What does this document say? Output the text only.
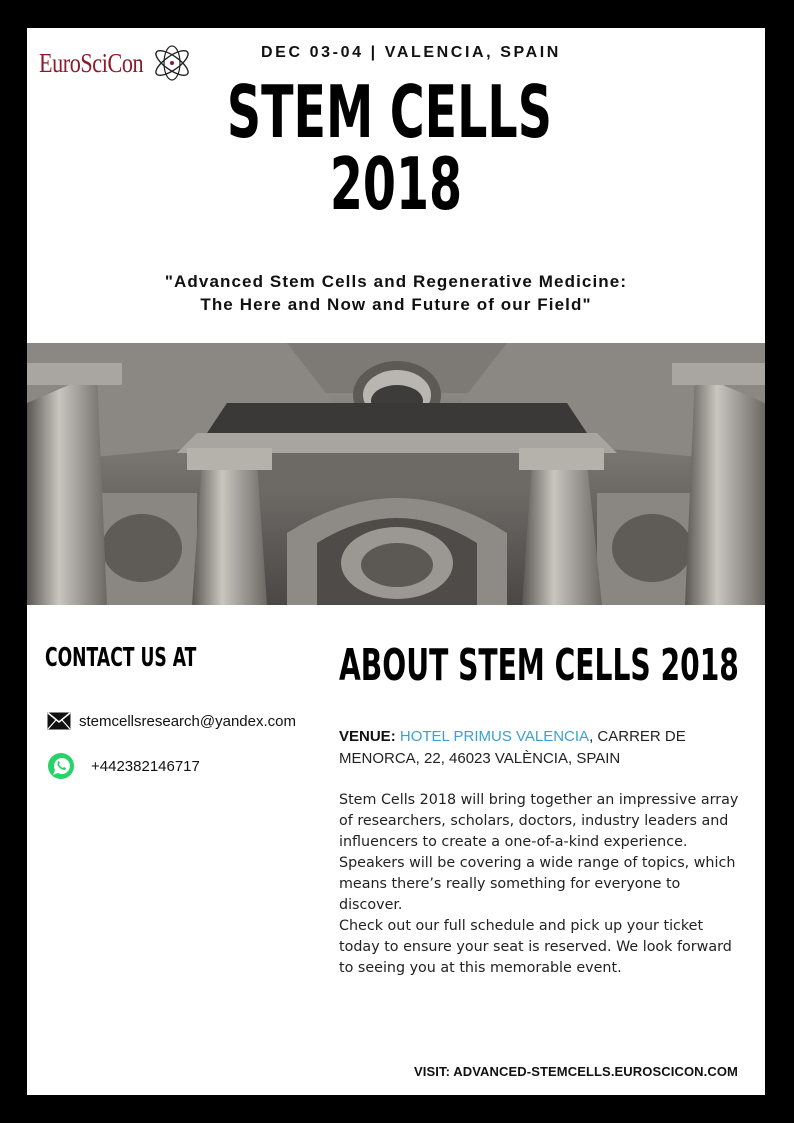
EuroSciCon	DEC 03-04 | VALENCIA, SPAIN
STEM CELLS
2018
"Advanced Stem Cells and Regenerative Medicine:
The Here and Now and Future of our Field"
CONTACT US AT
stemcellsresearch@yandex.com
+442382146717
ABOUT STEM CELLS 2018
VENUE: HOTEL PRIMUS VALENCIA, CARRER DE MENORCA, 22, 46023 VALÈNCIA, SPAIN

Stem Cells 2018 will bring together an impressive array of researchers, scholars, doctors, industry leaders and influencers to create a one-of-a-kind experience. Speakers will be covering a wide range of topics, which means there’s really something for everyone to discover.

Check out our full schedule and pick up your ticket today to ensure your seat is reserved. We look forward to seeing you at this memorable event.

VISIT: ADVANCED-STEMCELLS.EUROSCICON.COM
